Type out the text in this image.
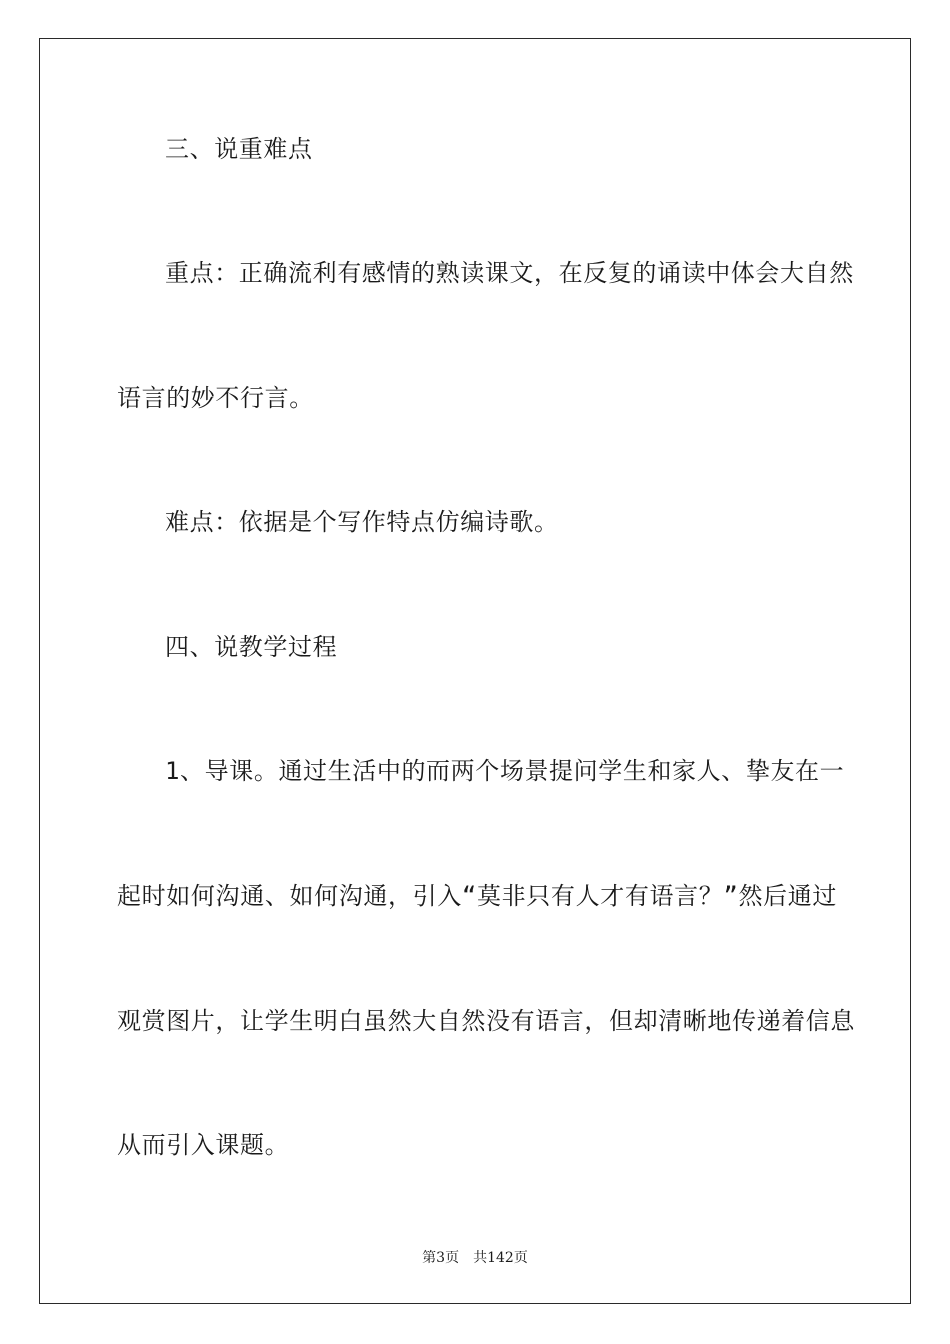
三、说重难点
重点：正确流利有感情的熟读课文，在反复的诵读中体会大自然
语言的妙不行言。
难点：依据是个写作特点仿编诗歌。
四、说教学过程
1、导课。通过生活中的而两个场景提问学生和家人、挚友在一
起时如何沟通、如何沟通，引入“莫非只有人才有语言？”然后通过
观赏图片，让学生明白虽然大自然没有语言，但却清晰地传递着信息
从而引入课题。
第3页 共142页
